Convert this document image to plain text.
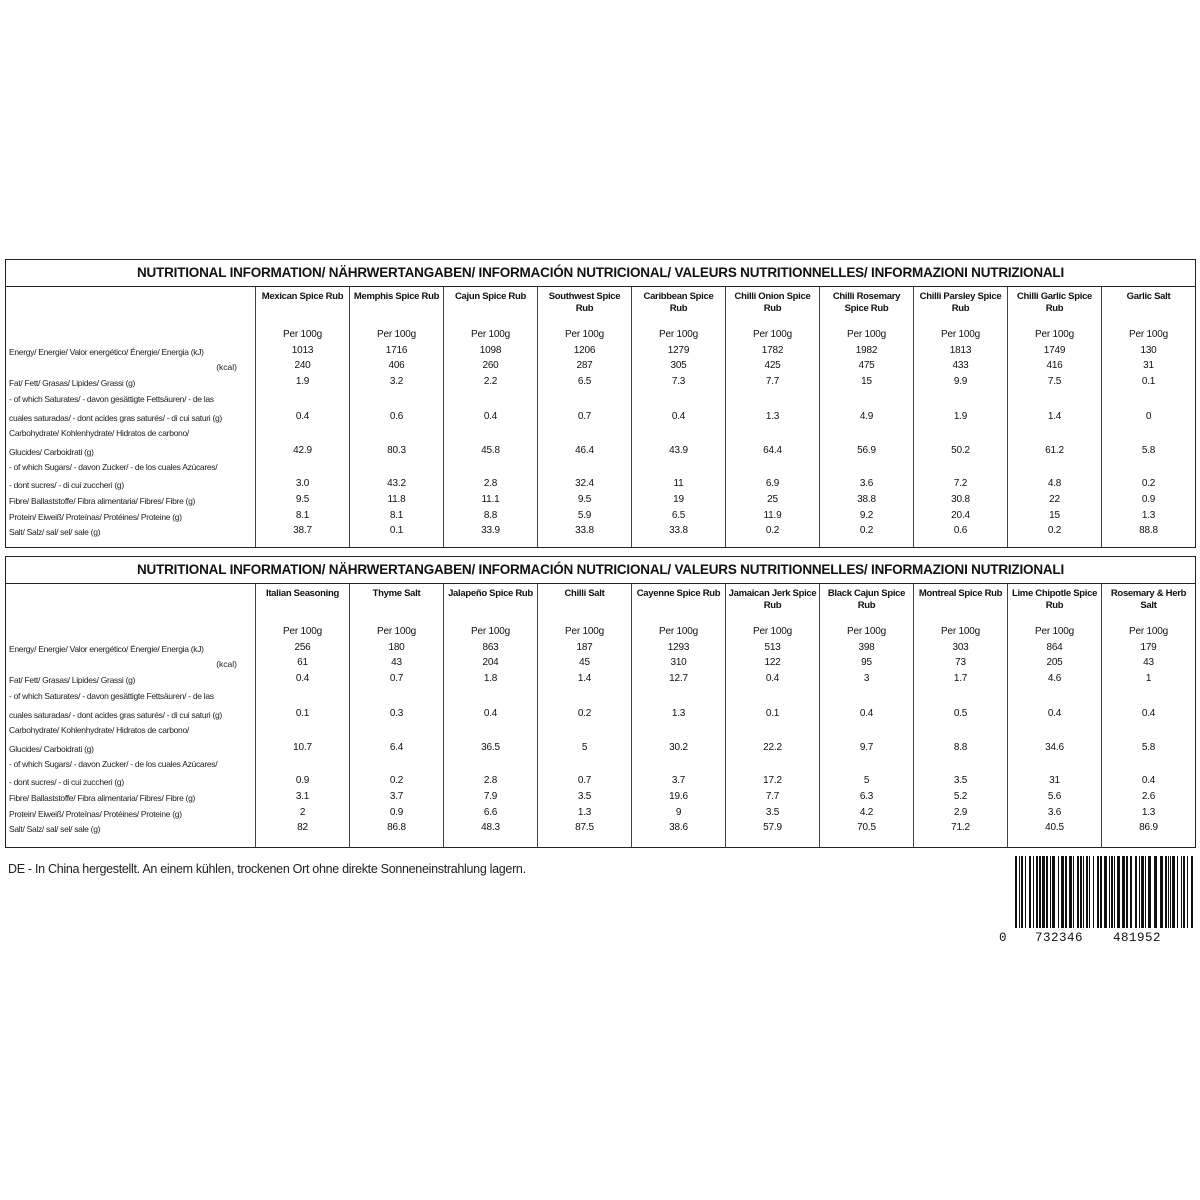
NUTRITIONAL INFORMATION/ NÄHRWERTANGABEN/ INFORMACIÓN NUTRICIONAL/ VALEURS NUTRITIONNELLES/ INFORMAZIONI NUTRIZIONALI
Energy/ Energie/ Valor energético/ Énergie/ Energia (kJ)
Fat/ Fett/ Grasas/ Lipides/ Grassi (g)
- of which Saturates/ - davon gesättigte Fettsäuren/ - de las
cuales saturadas/ - dont acides gras saturés/ - di cui saturi (g)
Carbohydrate/ Kohlenhydrate/ Hidratos de carbono/
Glucides/ Carboidrati (g)
- of which Sugars/ - davon Zucker/ - de los cuales Azúcares/
- dont sucres/ - di cui zuccheri (g)
Fibre/ Ballaststoffe/ Fibra alimentaria/ Fibres/ Fibre (g)
Protein/ Eiweiß/ Proteínas/ Protéines/ Proteine (g)
Salt/ Salz/ sal/ sel/ sale (g)
(kcal)
Mexican Spice Rub
Per 100g
1013
240
1.9
0.4
42.9
3.0
9.5
8.1
38.7
Memphis Spice Rub
Per 100g
1716
406
3.2
0.6
80.3
43.2
11.8
8.1
0.1
Cajun Spice Rub
Per 100g
1098
260
2.2
0.4
45.8
2.8
11.1
8.8
33.9
Southwest Spice Rub
Per 100g
1206
287
6.5
0.7
46.4
32.4
9.5
5.9
33.8
Caribbean Spice Rub
Per 100g
1279
305
7.3
0.4
43.9
11
19
6.5
33.8
Chilli Onion Spice Rub
Per 100g
1782
425
7.7
1.3
64.4
6.9
25
11.9
0.2
Chilli Rosemary Spice Rub
Per 100g
1982
475
15
4.9
56.9
3.6
38.8
9.2
0.2
Chilli Parsley Spice Rub
Per 100g
1813
433
9.9
1.9
50.2
7.2
30.8
20.4
0.6
Chilli Garlic Spice Rub
Per 100g
1749
416
7.5
1.4
61.2
4.8
22
15
0.2
Garlic Salt
Per 100g
130
31
0.1
0
5.8
0.2
0.9
1.3
88.8
NUTRITIONAL INFORMATION/ NÄHRWERTANGABEN/ INFORMACIÓN NUTRICIONAL/ VALEURS NUTRITIONNELLES/ INFORMAZIONI NUTRIZIONALI
Energy/ Energie/ Valor energético/ Énergie/ Energia (kJ)
Fat/ Fett/ Grasas/ Lipides/ Grassi (g)
- of which Saturates/ - davon gesättigte Fettsäuren/ - de las
cuales saturadas/ - dont acides gras saturés/ - di cui saturi (g)
Carbohydrate/ Kohlenhydrate/ Hidratos de carbono/
Glucides/ Carboidrati (g)
- of which Sugars/ - davon Zucker/ - de los cuales Azúcares/
- dont sucres/ - di cui zuccheri (g)
Fibre/ Ballaststoffe/ Fibra alimentaria/ Fibres/ Fibre (g)
Protein/ Eiweiß/ Proteínas/ Protéines/ Proteine (g)
Salt/ Salz/ sal/ sel/ sale (g)
(kcal)
Italian Seasoning
Per 100g
256
61
0.4
0.1
10.7
0.9
3.1
2
82
Thyme Salt
Per 100g
180
43
0.7
0.3
6.4
0.2
3.7
0.9
86.8
Jalapeño Spice Rub
Per 100g
863
204
1.8
0.4
36.5
2.8
7.9
6.6
48.3
Chilli Salt
Per 100g
187
45
1.4
0.2
5
0.7
3.5
1.3
87.5
Cayenne Spice Rub
Per 100g
1293
310
12.7
1.3
30.2
3.7
19.6
9
38.6
Jamaican Jerk Spice Rub
Per 100g
513
122
0.4
0.1
22.2
17.2
7.7
3.5
57.9
Black Cajun Spice Rub
Per 100g
398
95
3
0.4
9.7
5
6.3
4.2
70.5
Montreal Spice Rub
Per 100g
303
73
1.7
0.5
8.8
3.5
5.2
2.9
71.2
Lime Chipotle Spice Rub
Per 100g
864
205
4.6
0.4
34.6
31
5.6
3.6
40.5
Rosemary & Herb Salt
Per 100g
179
43
1
0.4
5.8
0.4
2.6
1.3
86.9
DE - In China hergestellt. An einem kühlen, trockenen Ort ohne direkte Sonneneinstrahlung lagern.
0 732346 481952
